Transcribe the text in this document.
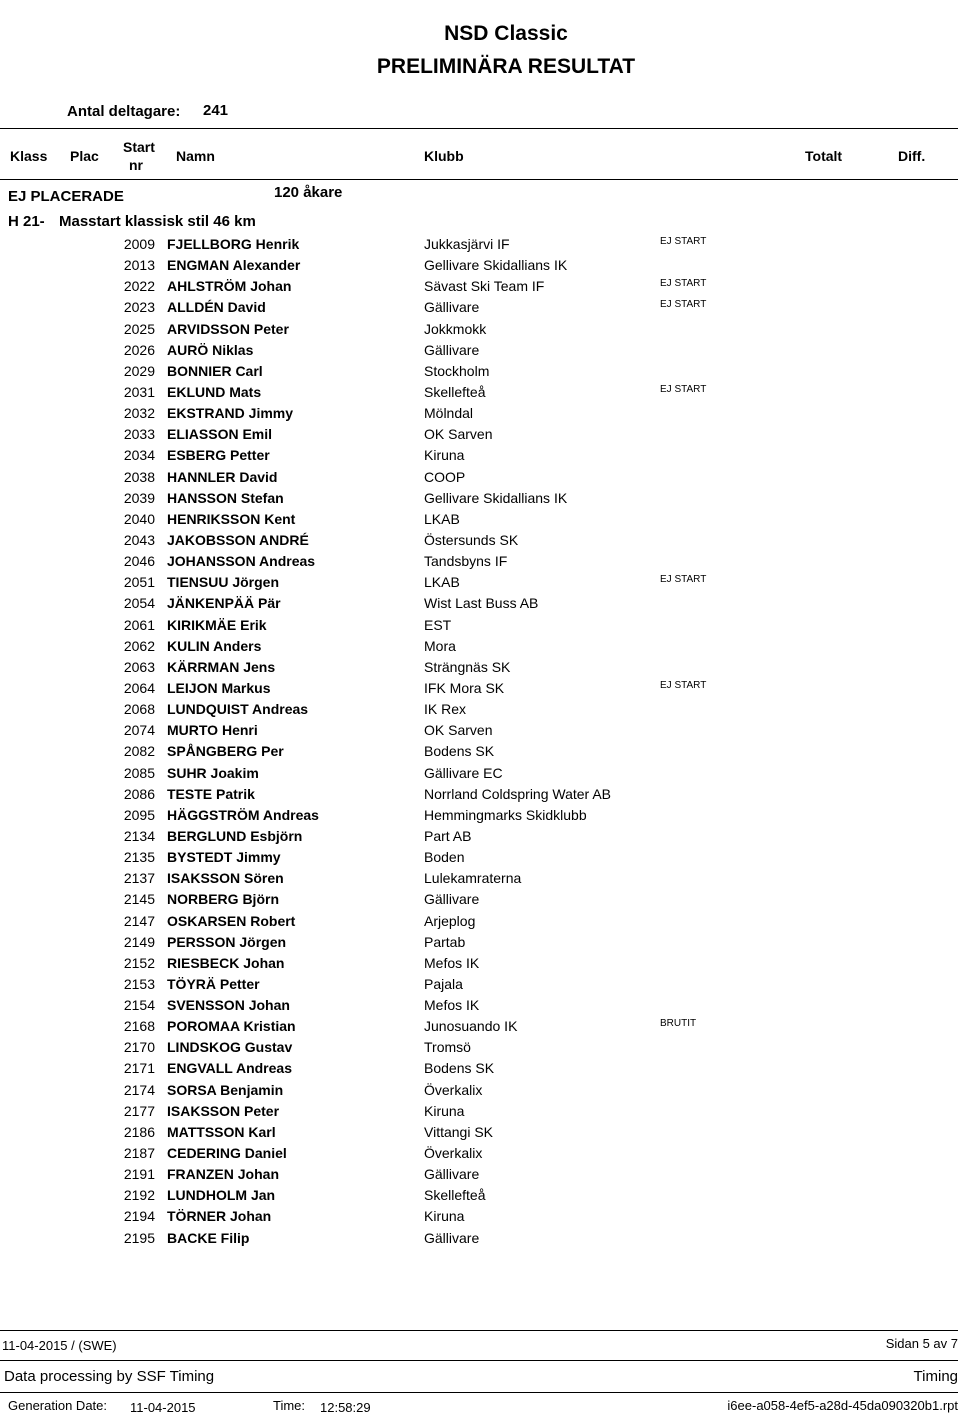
NSD Classic
PRELIMINÄRA RESULTAT
Antal deltagare: 241
Klass Plac
Start
nr
Namn	Klubb	Totalt	Diff.
EJ PLACERADE	120 åkare
H 21- Masstart klassisk stil 46 km
2009 FJELLBORG Henrik	Jukkasjärvi IF	EJ START
2013 ENGMAN Alexander	Gellivare Skidallians IK
2022 AHLSTRÖM Johan	Sävast Ski Team IF	EJ START
2023 ALLDÉN David	Gällivare	EJ START
2025 ARVIDSSON Peter	Jokkmokk
2026 AURÖ Niklas	Gällivare
2029 BONNIER Carl	Stockholm
2031 EKLUND Mats	Skellefteå	EJ START
2032 EKSTRAND Jimmy	Mölndal
2033 ELIASSON Emil	OK Sarven
2034 ESBERG Petter	Kiruna
2038 HANNLER David	COOP
2039 HANSSON Stefan	Gellivare Skidallians IK
2040 HENRIKSSON Kent	LKAB
2043 JAKOBSSON ANDRÉ	Östersunds SK
2046 JOHANSSON Andreas	Tandsbyns IF
2051 TIENSUU Jörgen	LKAB	EJ START
2054 JÄNKENPÄÄ Pär	Wist Last Buss AB
2061 KIRIKMÄE Erik	EST
2062 KULIN Anders	Mora
2063 KÄRRMAN Jens	Strängnäs SK
2064 LEIJON Markus	IFK Mora SK	EJ START
2068 LUNDQUIST Andreas	IK Rex
2074 MURTO Henri	OK Sarven
2082 SPÅNGBERG Per	Bodens SK
2085 SUHR Joakim	Gällivare EC
2086 TESTE Patrik	Norrland Coldspring Water AB
2095 HÄGGSTRÖM Andreas	Hemmingmarks Skidklubb
2134 BERGLUND Esbjörn	Part AB
2135 BYSTEDT Jimmy	Boden
2137 ISAKSSON Sören	Lulekamraterna
2145 NORBERG Björn	Gällivare
2147 OSKARSEN Robert	Arjeplog
2149 PERSSON Jörgen	Partab
2152 RIESBECK Johan	Mefos IK
2153 TÖYRÄ Petter	Pajala
2154 SVENSSON Johan	Mefos IK
2168 POROMAA Kristian	Junosuando IK	BRUTIT
2170 LINDSKOG Gustav	Tromsö
2171 ENGVALL Andreas	Bodens SK
2174 SORSA Benjamin	Överkalix
2177 ISAKSSON Peter	Kiruna
2186 MATTSSON Karl	Vittangi SK
2187 CEDERING Daniel	Överkalix
2191 FRANZEN Johan	Gällivare
2192 LUNDHOLM Jan	Skellefteå
2194 TÖRNER Johan	Kiruna
2195 BACKE Filip	Gällivare
11-04-2015 / (SWE)	Sidan 5 av 7
Data processing by SSF Timing	Timing
Generation Date: 11-04-2015	Time: 12:58:29	i6ee-a058-4ef5-a28d-45da090320b1.rpt
